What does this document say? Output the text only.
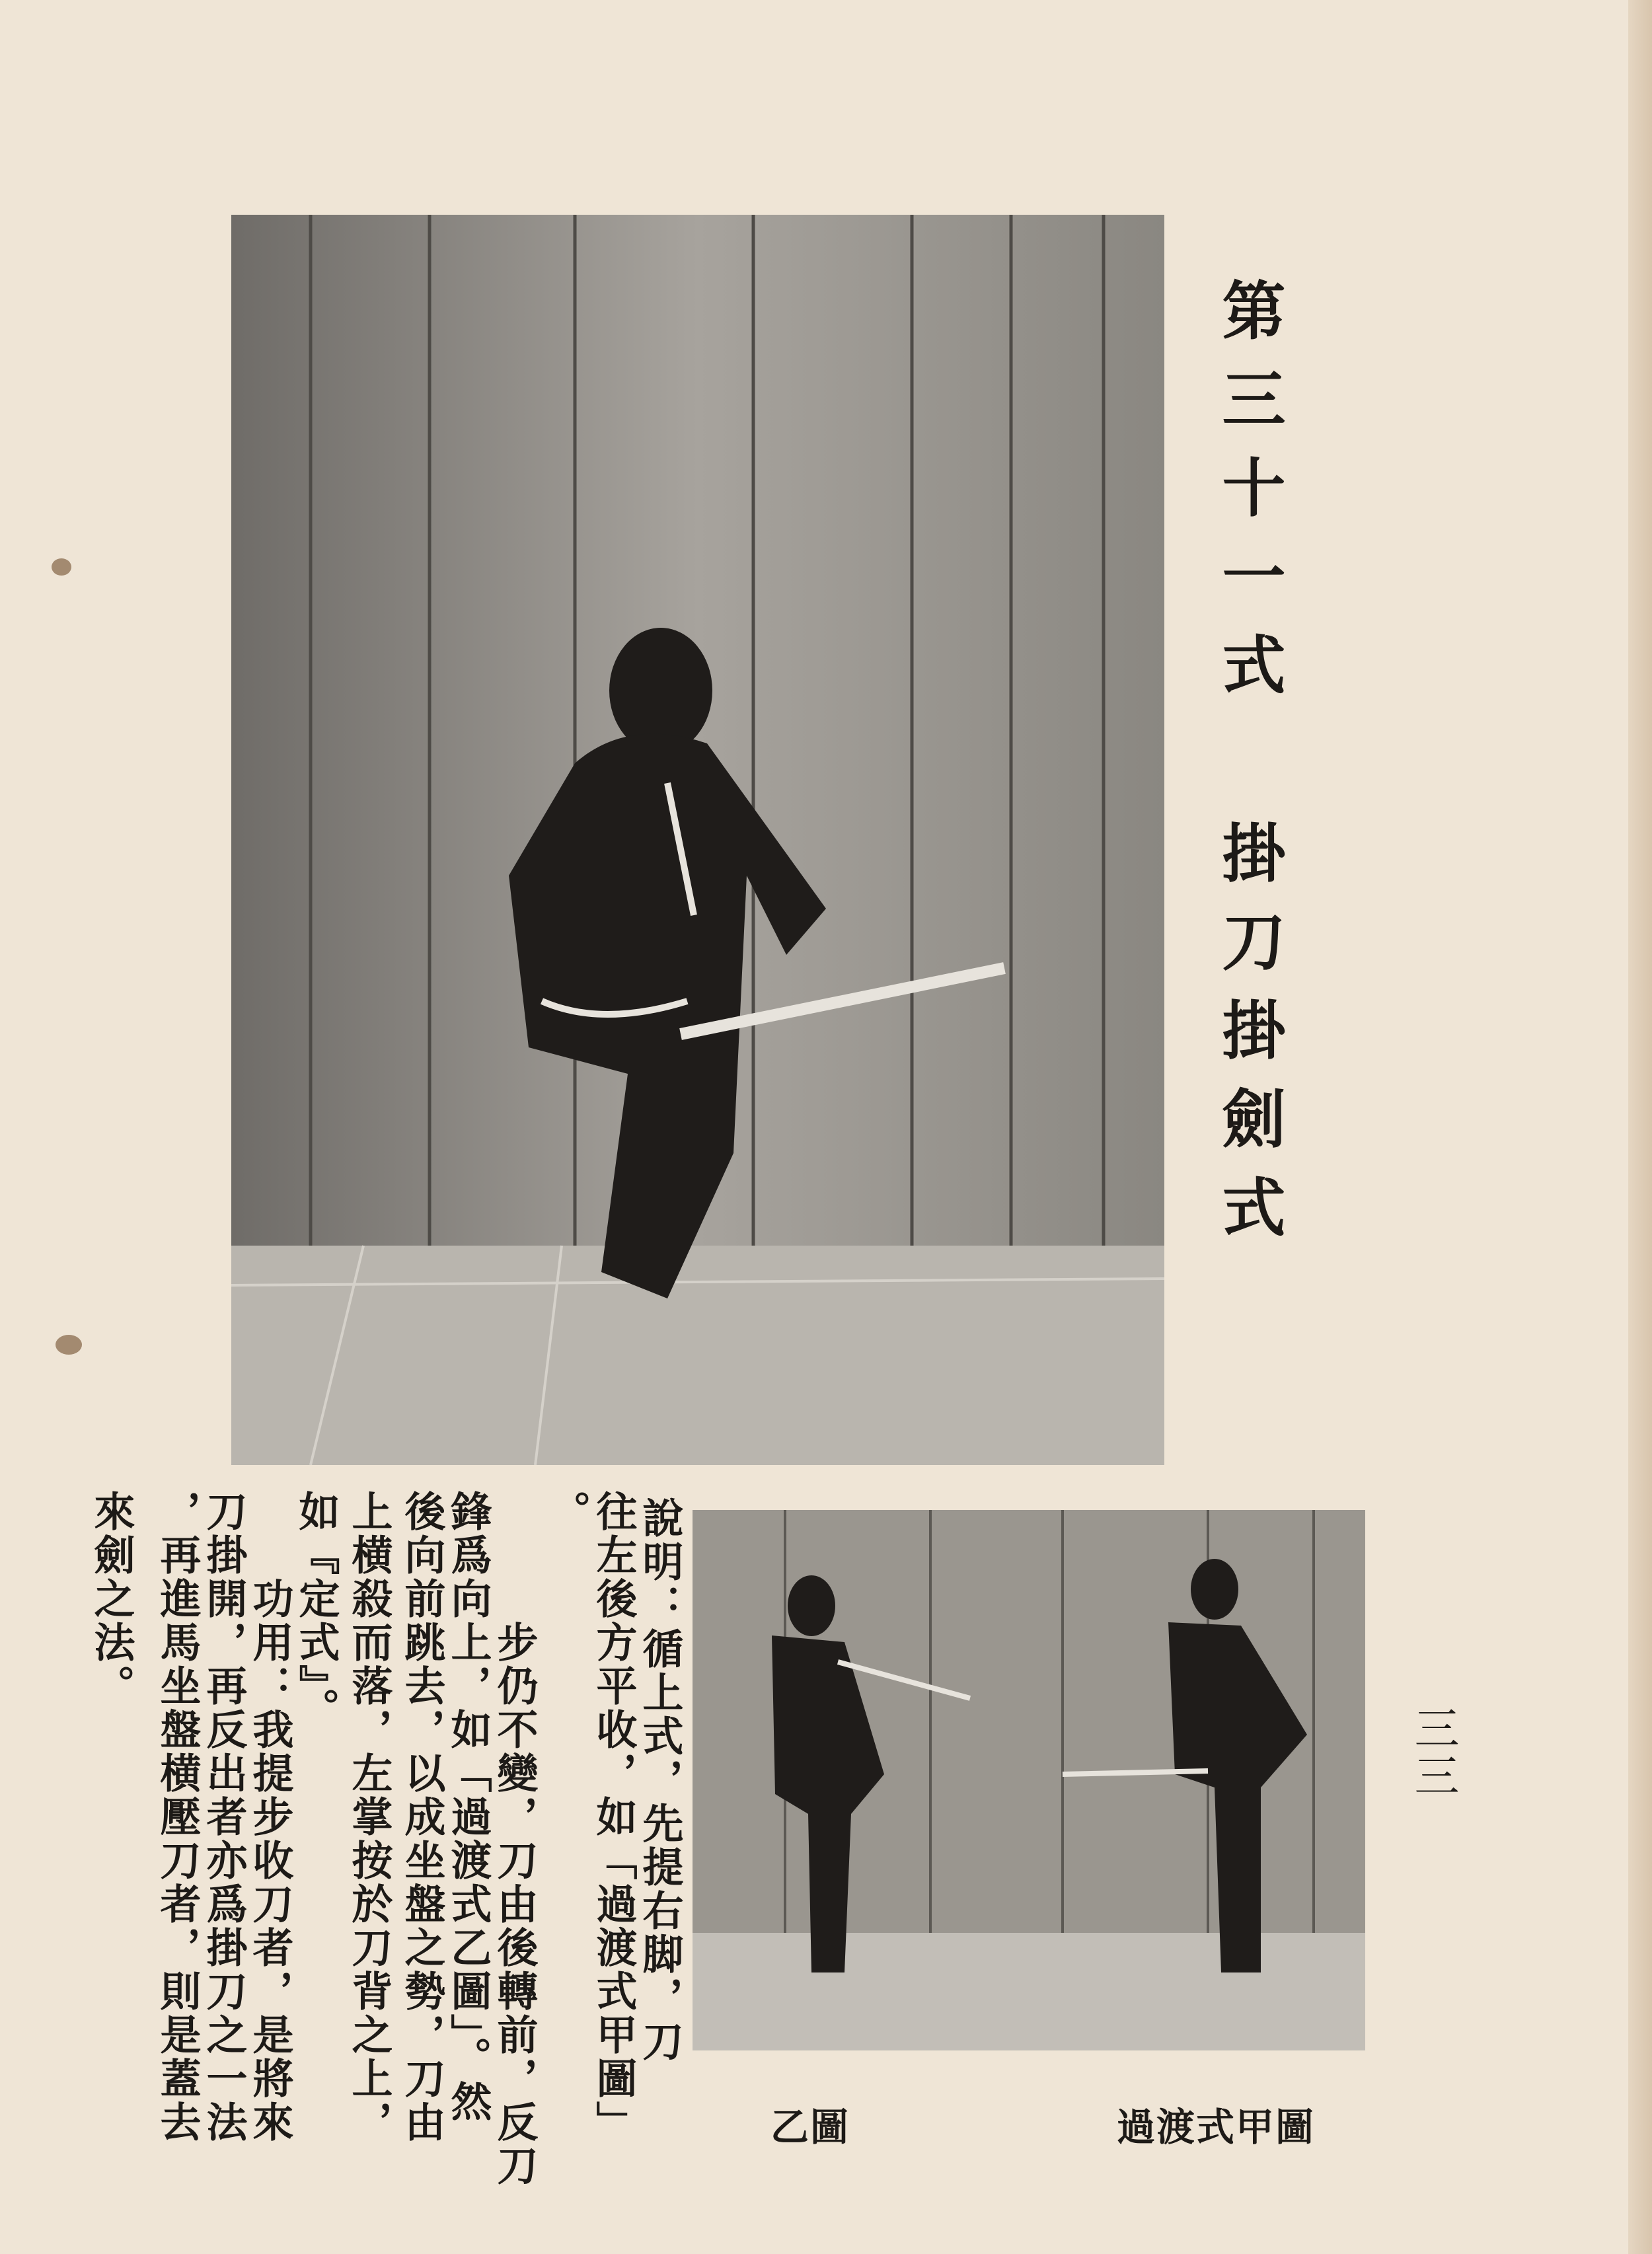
第三十一式 掛刀掛劍式
過渡式甲圖
乙圖
三三
說明：循上式，先提右脚，刀
往左後方平收，如「過渡式甲圖」
。
　　　步仍不變，刀由後轉前，反刀
鋒爲向上，如「過渡式乙圖」。然
後向前跳去，以成坐盤之勢，刀由
上横殺而落，左掌按於刀背之上，
如『定式』。
　　功用：我提步收刀者，是將來
刀掛開，再反出者亦爲掛刀之一法
，再進馬坐盤横壓刀者，則是蓋去
來劍之法。
